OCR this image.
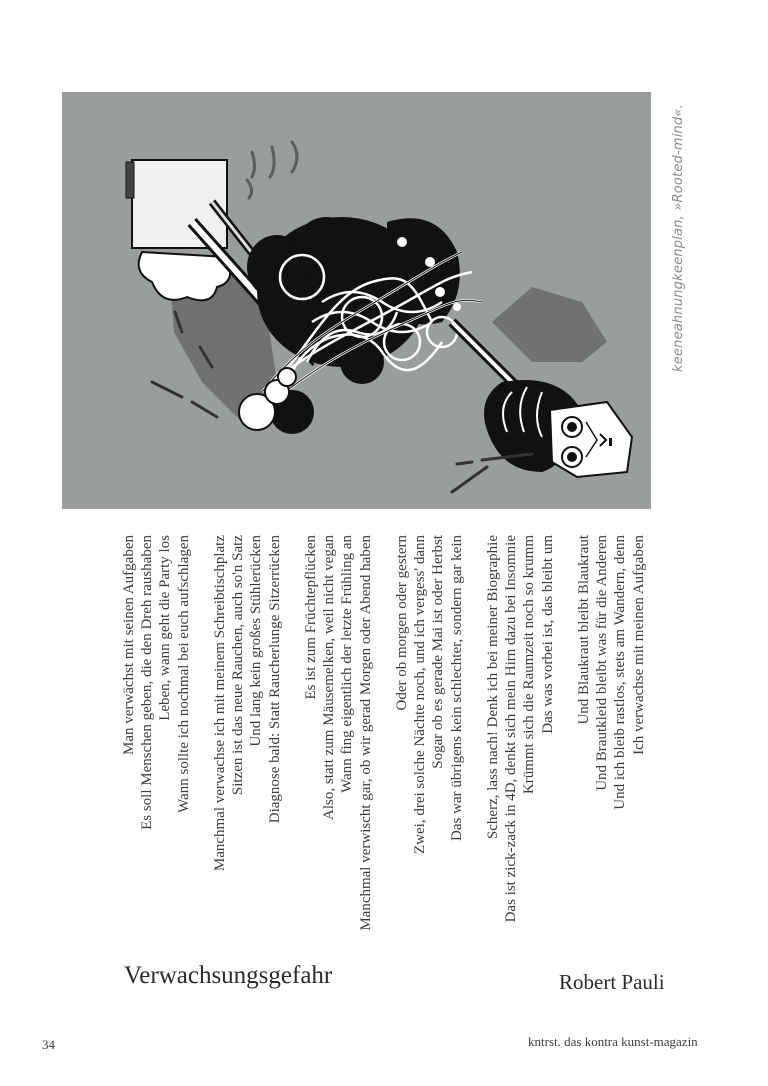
keeneahnungkeenplan, »Rooted-mind«.
Man verwächst mit seinen Aufgaben Es soll Menschen geben, die den Dreh raushaben Leben, wann geht die Party los Wann sollte ich nochmal bei euch aufschlagen Manchmal verwachse ich mit meinem Schreibtischplatz Sitzen ist das neue Rauchen, auch so'n Satz Und lang kein großes Stühlerücken Diagnose bald: Statt Raucherlunge Sitzerrücken Es ist zum Früchtepflücken Also, statt zum Mäusemelken, weil nicht vegan Wann fing eigentlich der letzte Frühling an Manchmal verwischt gar, ob wir gerad Morgen oder Abend haben Oder ob morgen oder gestern Zwei, drei solche Nächte noch, und ich vergess' dann Sogar ob es gerade Mai ist oder Herbst Das war übrigens kein schlechter, sondern gar kein Scherz, lass nach! Denk ich bei meiner Biographie Das ist zick-zack in 4D, denkt sich mein Hirn dazu bei Insomnie Krümmt sich die Raumzeit noch so krumm Das was vorbei ist, das bleibt um Und Blaukraut bleibt Blaukraut Und Brautkleid bleibt was für die Anderen Und ich bleib rastlos, stets am Wandern, denn Ich verwachse mit meinen Aufgaben
Verwachsungsgefahr	Robert Pauli
34	kntrst. das kontra kunst-magazin
